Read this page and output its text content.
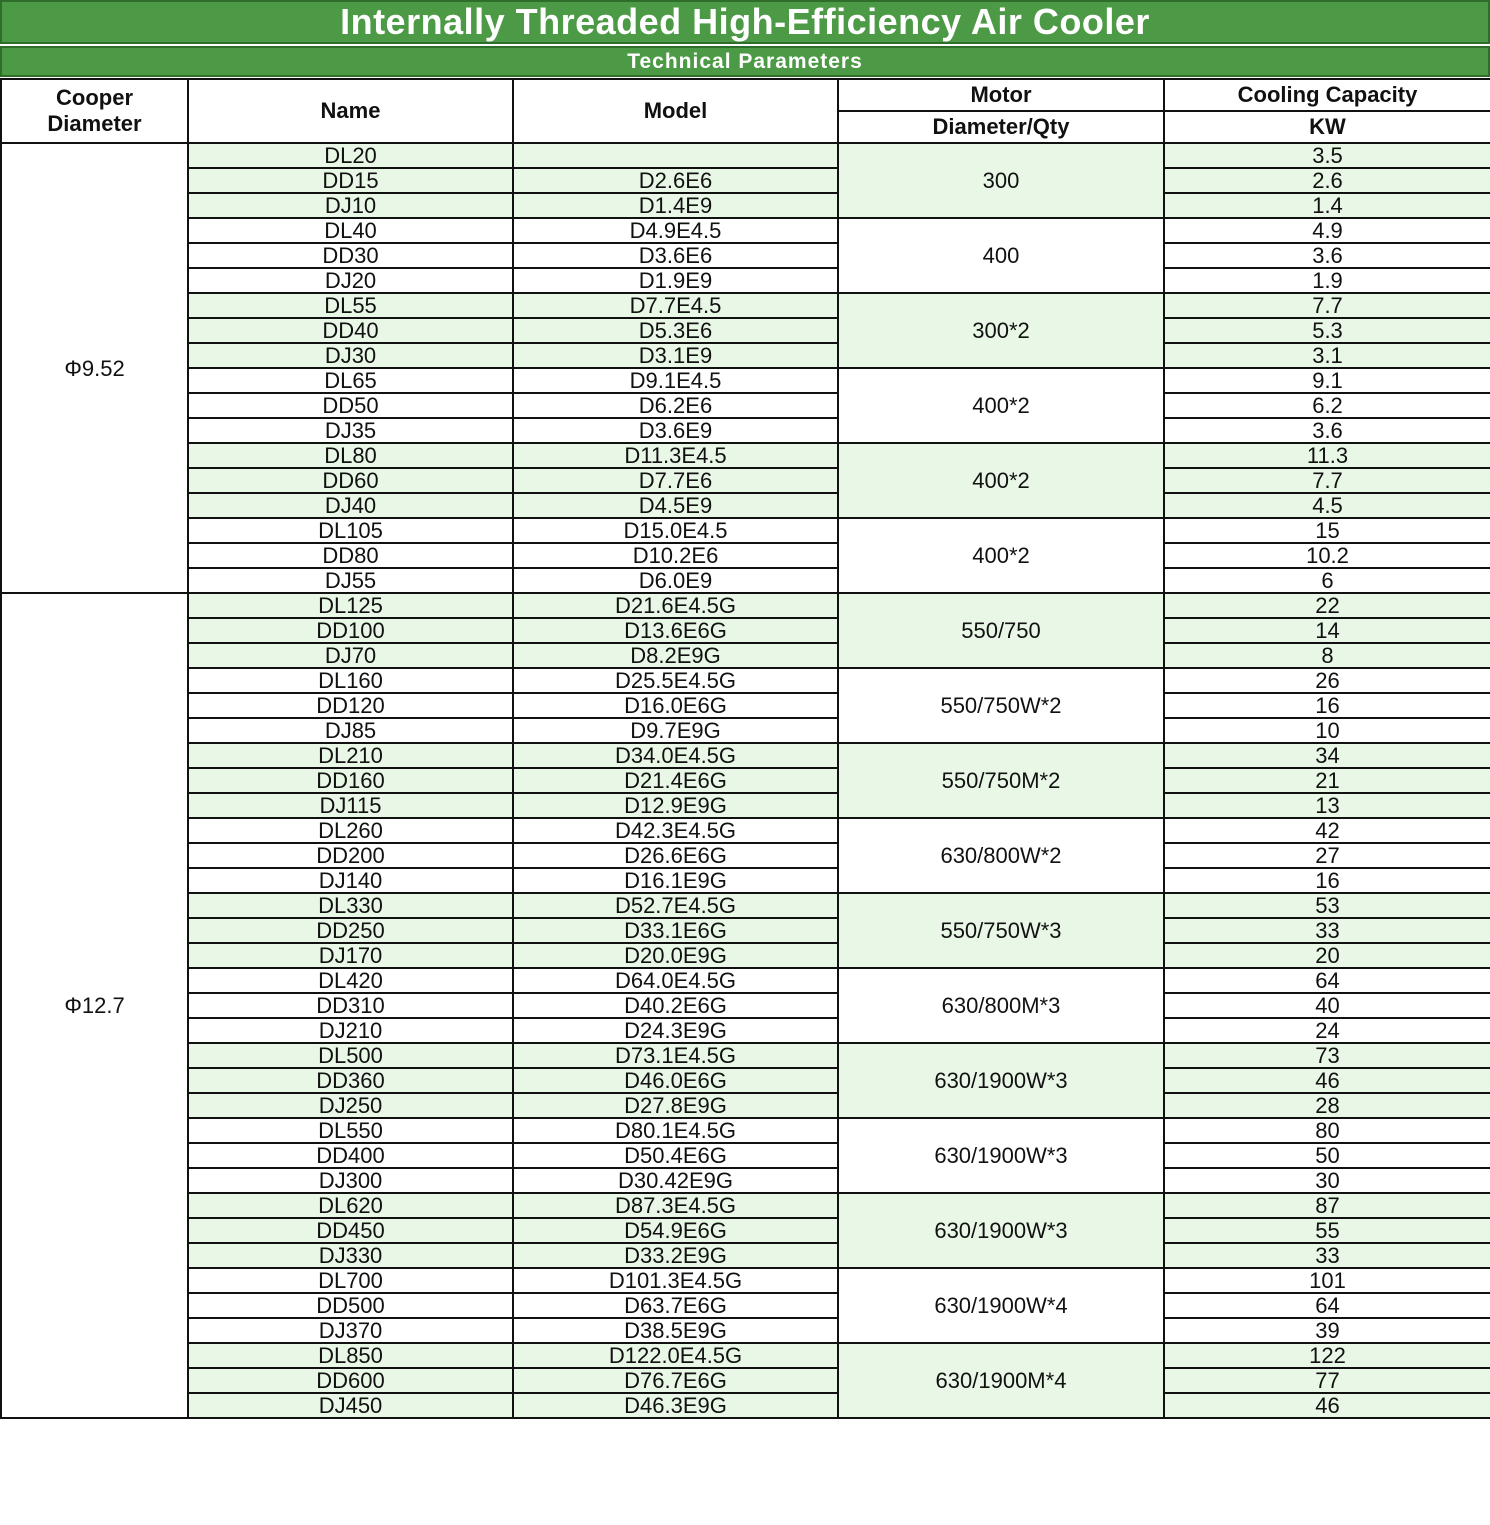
Internally Threaded High-Efficiency Air Cooler
Technical Parameters
Cooper
Diameter	Name	Model	Motor	Cooling Capacity
			Diameter/Qty	KW
Φ9.52	DL20		300	3.5
	DD15	D2.6E6		2.6
	DJ10	D1.4E9		1.4
	DL40	D4.9E4.5	400	4.9
	DD30	D3.6E6		3.6
	DJ20	D1.9E9		1.9
	DL55	D7.7E4.5	300*2	7.7
	DD40	D5.3E6		5.3
	DJ30	D3.1E9		3.1
	DL65	D9.1E4.5	400*2	9.1
	DD50	D6.2E6		6.2
	DJ35	D3.6E9		3.6
	DL80	D11.3E4.5	400*2	11.3
	DD60	D7.7E6		7.7
	DJ40	D4.5E9		4.5
	DL105	D15.0E4.5	400*2	15
	DD80	D10.2E6		10.2
	DJ55	D6.0E9		6
Φ12.7	DL125	D21.6E4.5G	550/750	22
	DD100	D13.6E6G		14
	DJ70	D8.2E9G		8
	DL160	D25.5E4.5G	550/750W*2	26
	DD120	D16.0E6G		16
	DJ85	D9.7E9G		10
	DL210	D34.0E4.5G	550/750M*2	34
	DD160	D21.4E6G		21
	DJ115	D12.9E9G		13
	DL260	D42.3E4.5G	630/800W*2	42
	DD200	D26.6E6G		27
	DJ140	D16.1E9G		16
	DL330	D52.7E4.5G	550/750W*3	53
	DD250	D33.1E6G		33
	DJ170	D20.0E9G		20
	DL420	D64.0E4.5G	630/800M*3	64
	DD310	D40.2E6G		40
	DJ210	D24.3E9G		24
	DL500	D73.1E4.5G	630/1900W*3	73
	DD360	D46.0E6G		46
	DJ250	D27.8E9G		28
	DL550	D80.1E4.5G	630/1900W*3	80
	DD400	D50.4E6G		50
	DJ300	D30.42E9G		30
	DL620	D87.3E4.5G	630/1900W*3	87
	DD450	D54.9E6G		55
	DJ330	D33.2E9G		33
	DL700	D101.3E4.5G	630/1900W*4	101
	DD500	D63.7E6G		64
	DJ370	D38.5E9G		39
	DL850	D122.0E4.5G	630/1900M*4	122
	DD600	D76.7E6G		77
	DJ450	D46.3E9G		46
